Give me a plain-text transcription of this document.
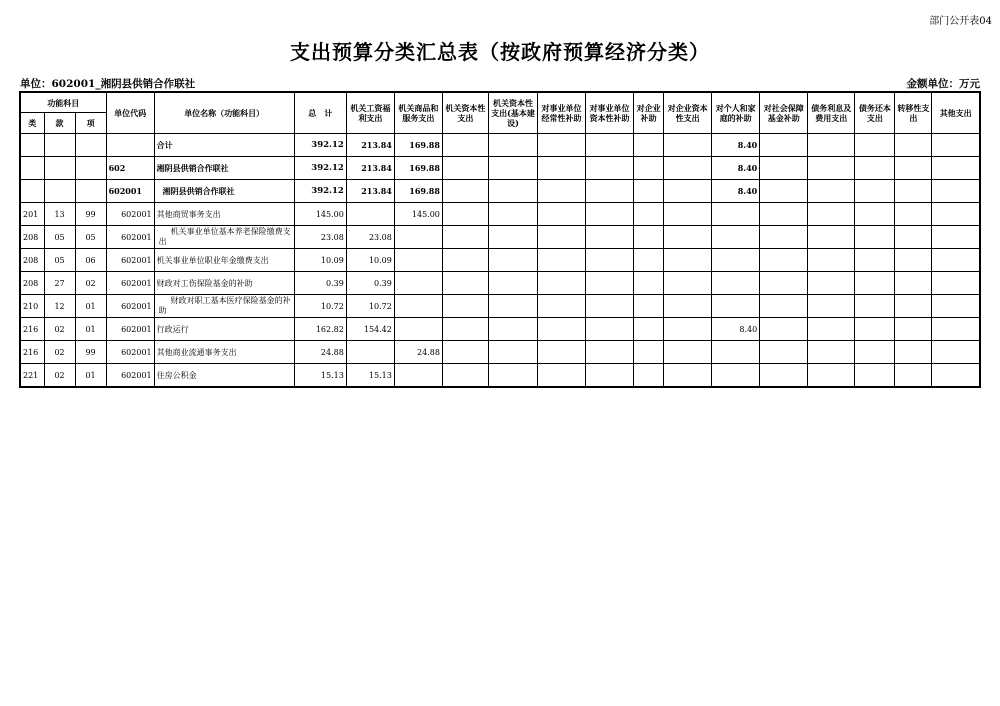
部门公开表04
支出预算分类汇总表（按政府预算经济分类）
单位：602001_湘阴县供销合作联社	金额单位：万元
功能科目			单位代码	单位名称（功能科目）	总　计	机关工资福利支出	机关商品和服务支出	机关资本性支出	机关资本性支出(基本建设)	对事业单位经常性补助	对事业单位资本性补助	对企业补助	对企业资本性支出	对个人和家庭的补助	对社会保障基金补助	债务利息及费用支出	债务还本支出	转移性支出	其他支出
类	款	项																	
				合计	392.12	213.84	169.88							8.40					
			602	湘阴县供销合作联社	392.12	213.84	169.88							8.40					
			602001	湘阴县供销合作联社	392.12	213.84	169.88							8.40					
201	13	99	602001	其他商贸事务支出	145.00		145.00												
208	05	05	602001	机关事业单位基本养老保险缴费支出	23.08	23.08													
208	05	06	602001	机关事业单位职业年金缴费支出	10.09	10.09													
208	27	02	602001	财政对工伤保险基金的补助	0.39	0.39													
210	12	01	602001	财政对职工基本医疗保险基金的补助	10.72	10.72													
216	02	01	602001	行政运行	162.82	154.42								8.40					
216	02	99	602001	其他商业流通事务支出	24.88		24.88												
221	02	01	602001	住房公积金	15.13	15.13													
